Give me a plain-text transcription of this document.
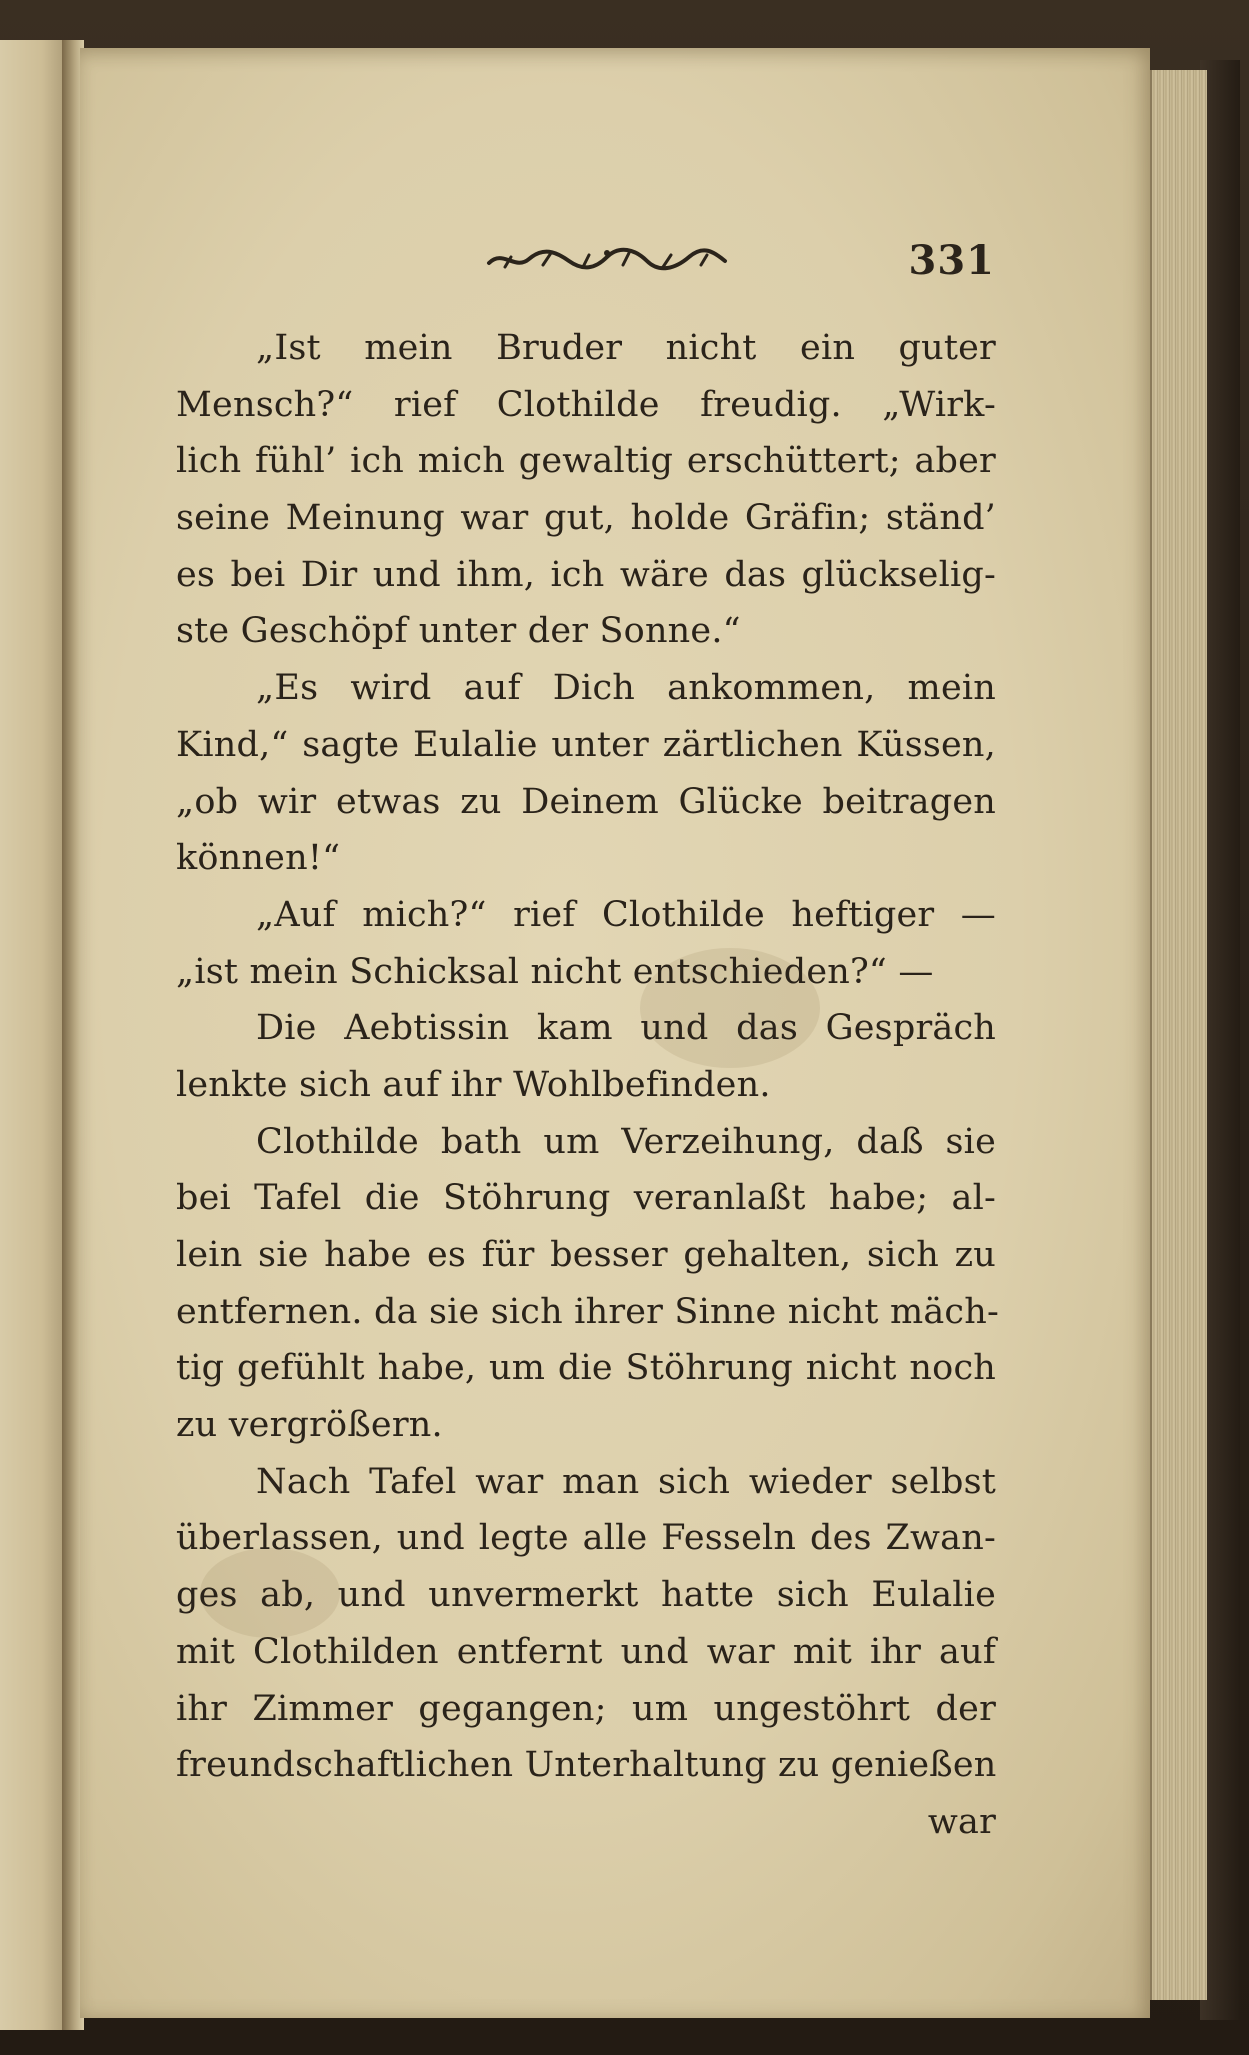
331
„Ist mein Bruder nicht ein guter
Mensch?“ rief Clothilde freudig. „Wirk-
lich fühl’ ich mich gewaltig erschüttert; aber
seine Meinung war gut, holde Gräfin; ständ’
es bei Dir und ihm, ich wäre das glückselig-
ste Geschöpf unter der Sonne.“
„Es wird auf Dich ankommen, mein
Kind,“ sagte Eulalie unter zärtlichen Küssen,
„ob wir etwas zu Deinem Glücke beitragen
können!“
„Auf mich?“ rief Clothilde heftiger —
„ist mein Schicksal nicht entschieden?“ —
Die Aebtissin kam und das Gespräch
lenkte sich auf ihr Wohlbefinden.
Clothilde bath um Verzeihung, daß sie
bei Tafel die Stöhrung veranlaßt habe; al-
lein sie habe es für besser gehalten, sich zu
entfernen. da sie sich ihrer Sinne nicht mäch-
tig gefühlt habe, um die Stöhrung nicht noch
zu vergrößern.
Nach Tafel war man sich wieder selbst
überlassen, und legte alle Fesseln des Zwan-
ges ab, und unvermerkt hatte sich Eulalie
mit Clothilden entfernt und war mit ihr auf
ihr Zimmer gegangen; um ungestöhrt der
freundschaftlichen Unterhaltung zu genießen
war
